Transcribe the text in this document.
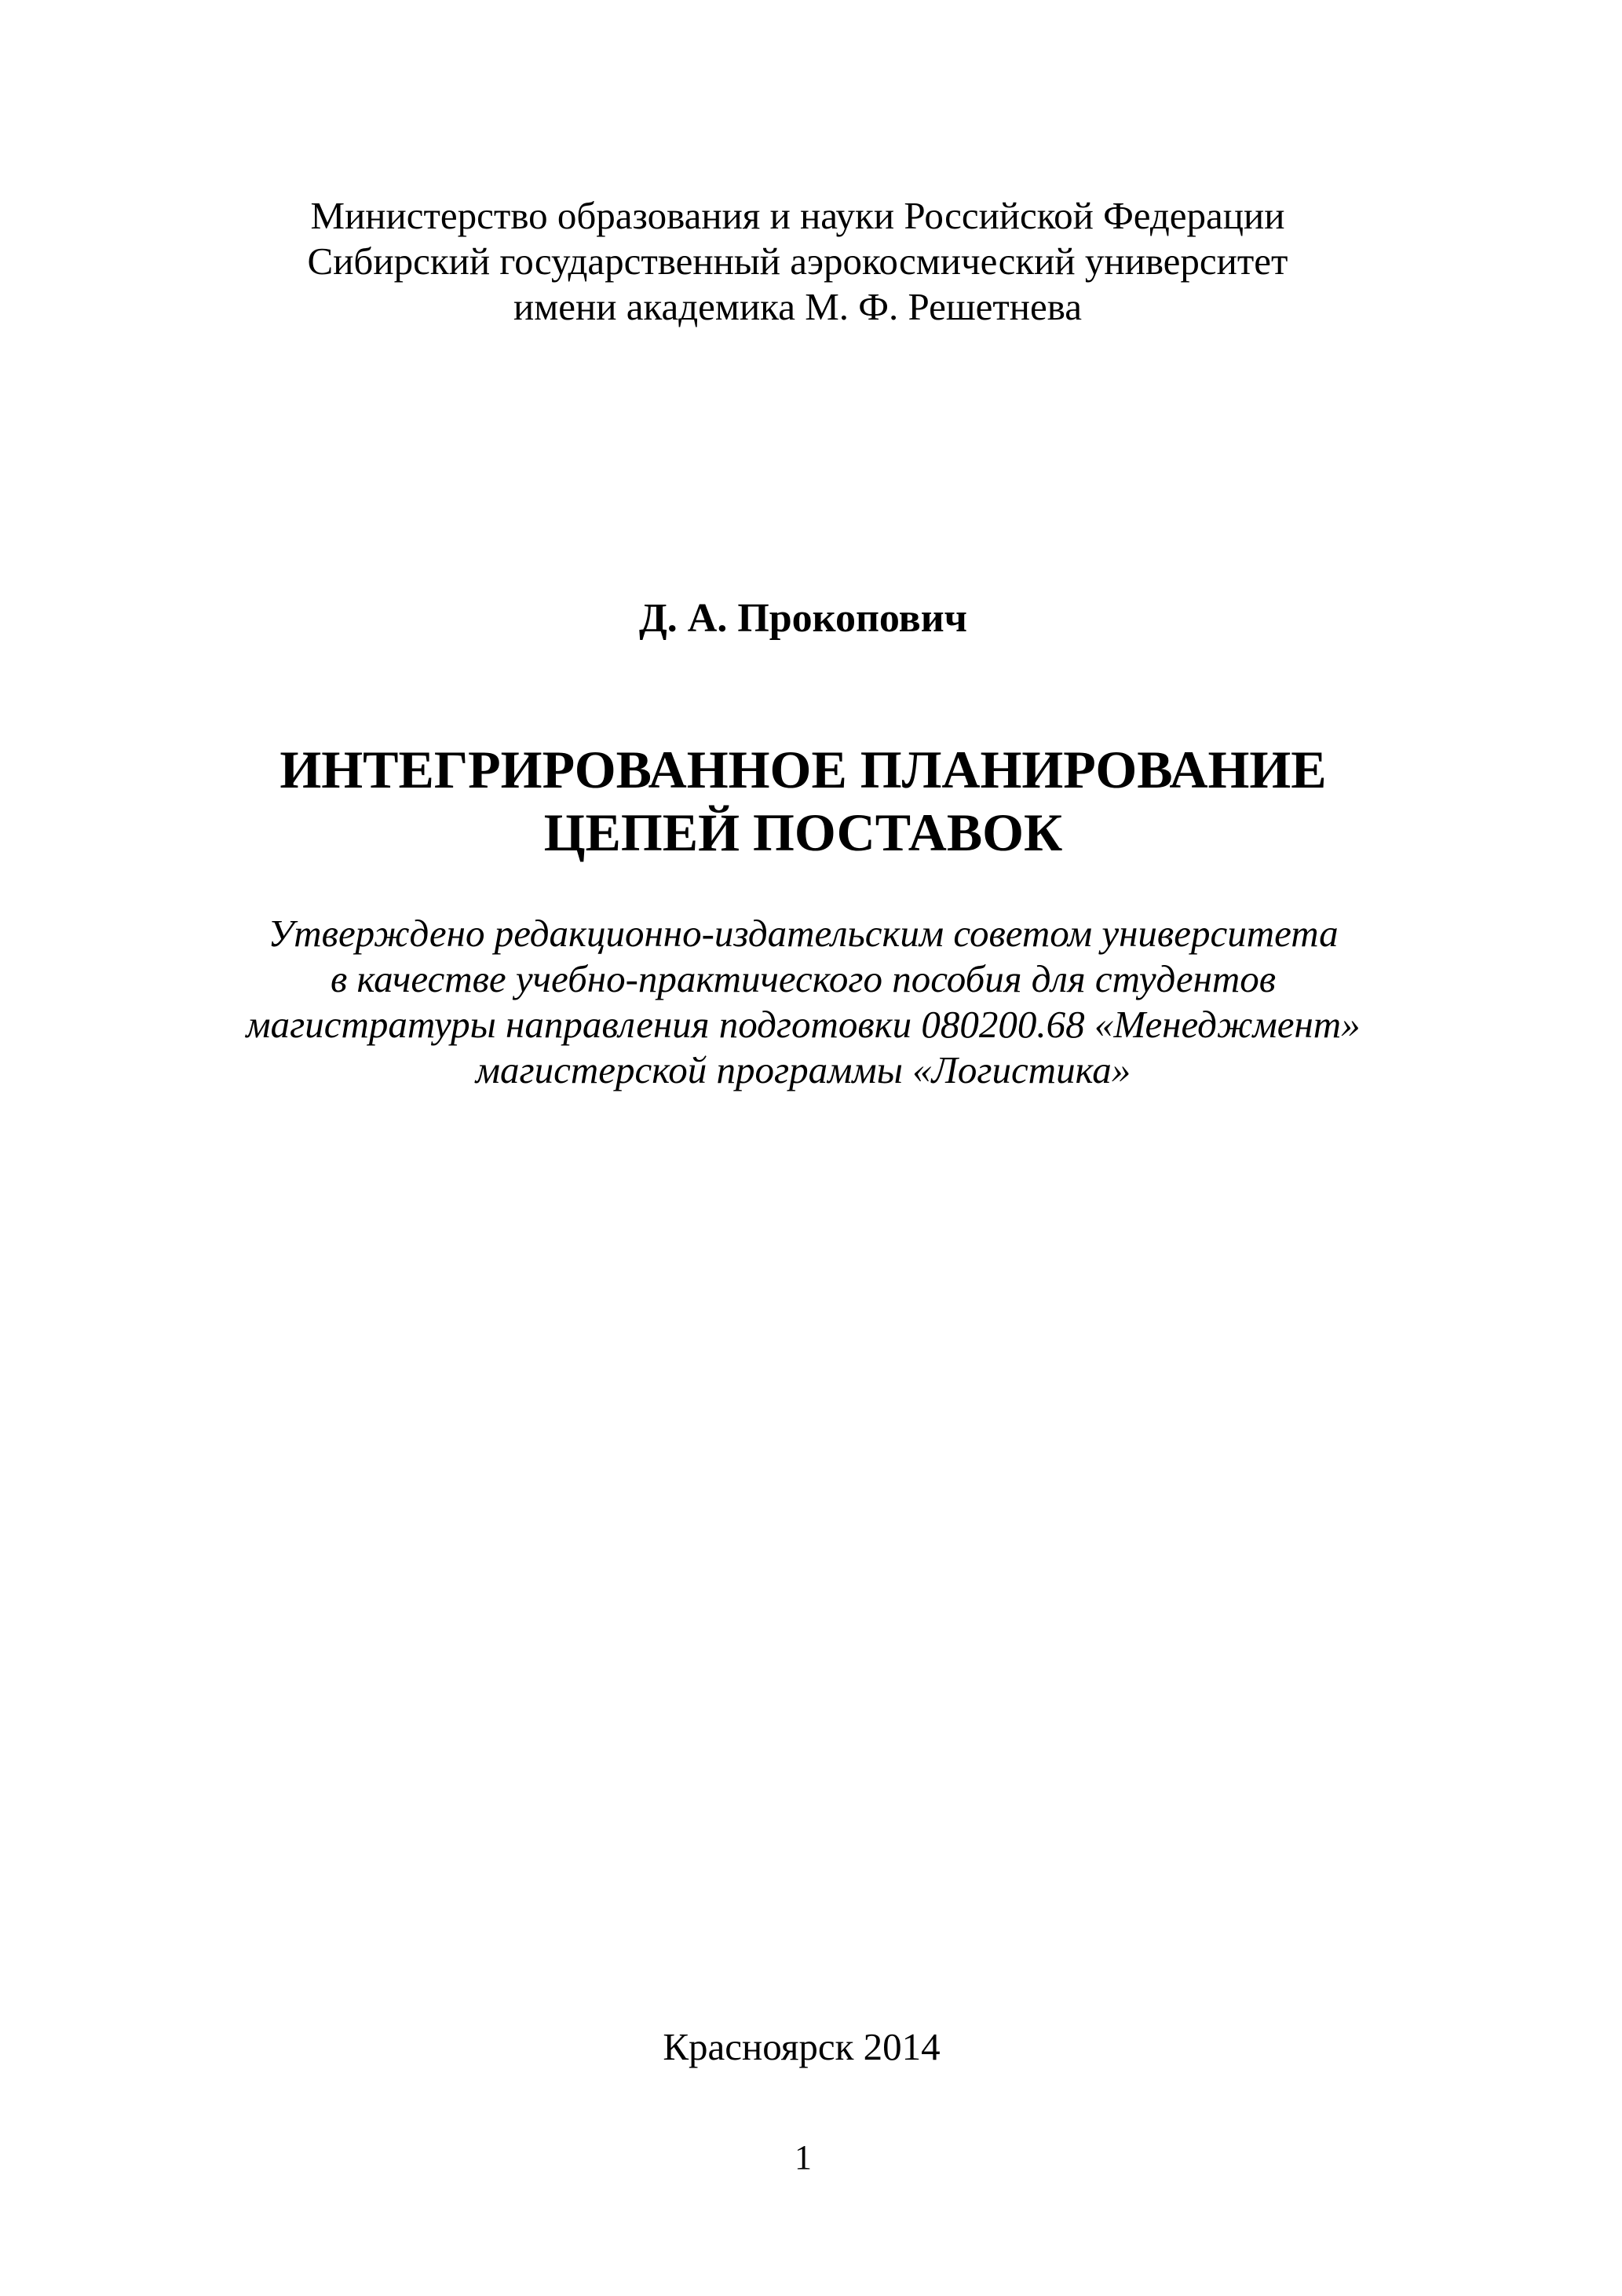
Министерство образования и науки Российской Федерации
Сибирский государственный аэрокосмический университет
имени академика М. Ф. Решетнева
Д. А. Прокопович
ИНТЕГРИРОВАННОЕ ПЛАНИРОВАНИЕ
ЦЕПЕЙ ПОСТАВОК
Утверждено редакционно-издательским советом университета
в качестве учебно-практического пособия для студентов
магистратуры направления подготовки 080200.68 «Менеджмент»
магистерской программы «Логистика»
Красноярск 2014
1
